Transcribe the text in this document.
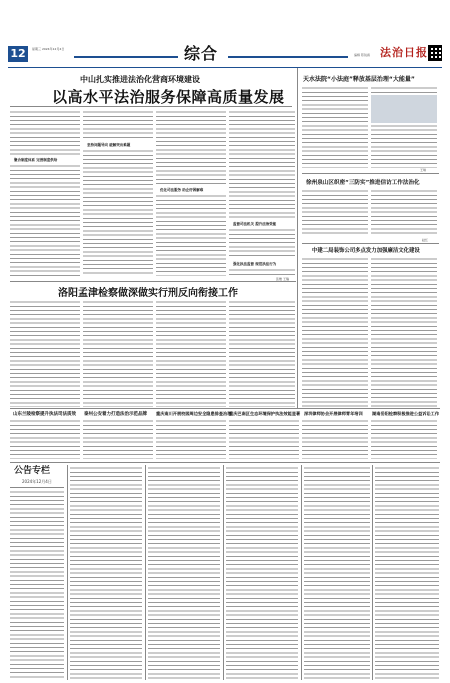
12	星期三 2024年12月4日	综合	编辑 陈锐霖 法治日报
中山扎实推进法治化营商环境建设
以高水平法治服务保障高质量发展
聚合制度体系 完善制度供给
坚持问题导向 破解突出难题
优化司法服务 助企纾困解难
监督司法机关 提升法治效能
强化执法监督 规范执法行为
张维 王瑞
天水法院“小法庭”释放基层治理“大能量”
王琪
徐州泉山区织密“三防实”推进信访工作法治化
赵红
中建二局装饰公司多点发力加强廉洁文化建设
洛阳孟津检察做深做实行刑反向衔接工作
山东兰陵检察提升执法司法质效 泰州公安着力打造法治示范品牌 重庆南川开展校园周边安全隐患排查治理
重庆巴南区生态环境保护执法效能显著 深圳律师协会开展律师青年培训 湖南岳阳检察积极推进公益诉讼工作
公告专栏
2024年12月4日
